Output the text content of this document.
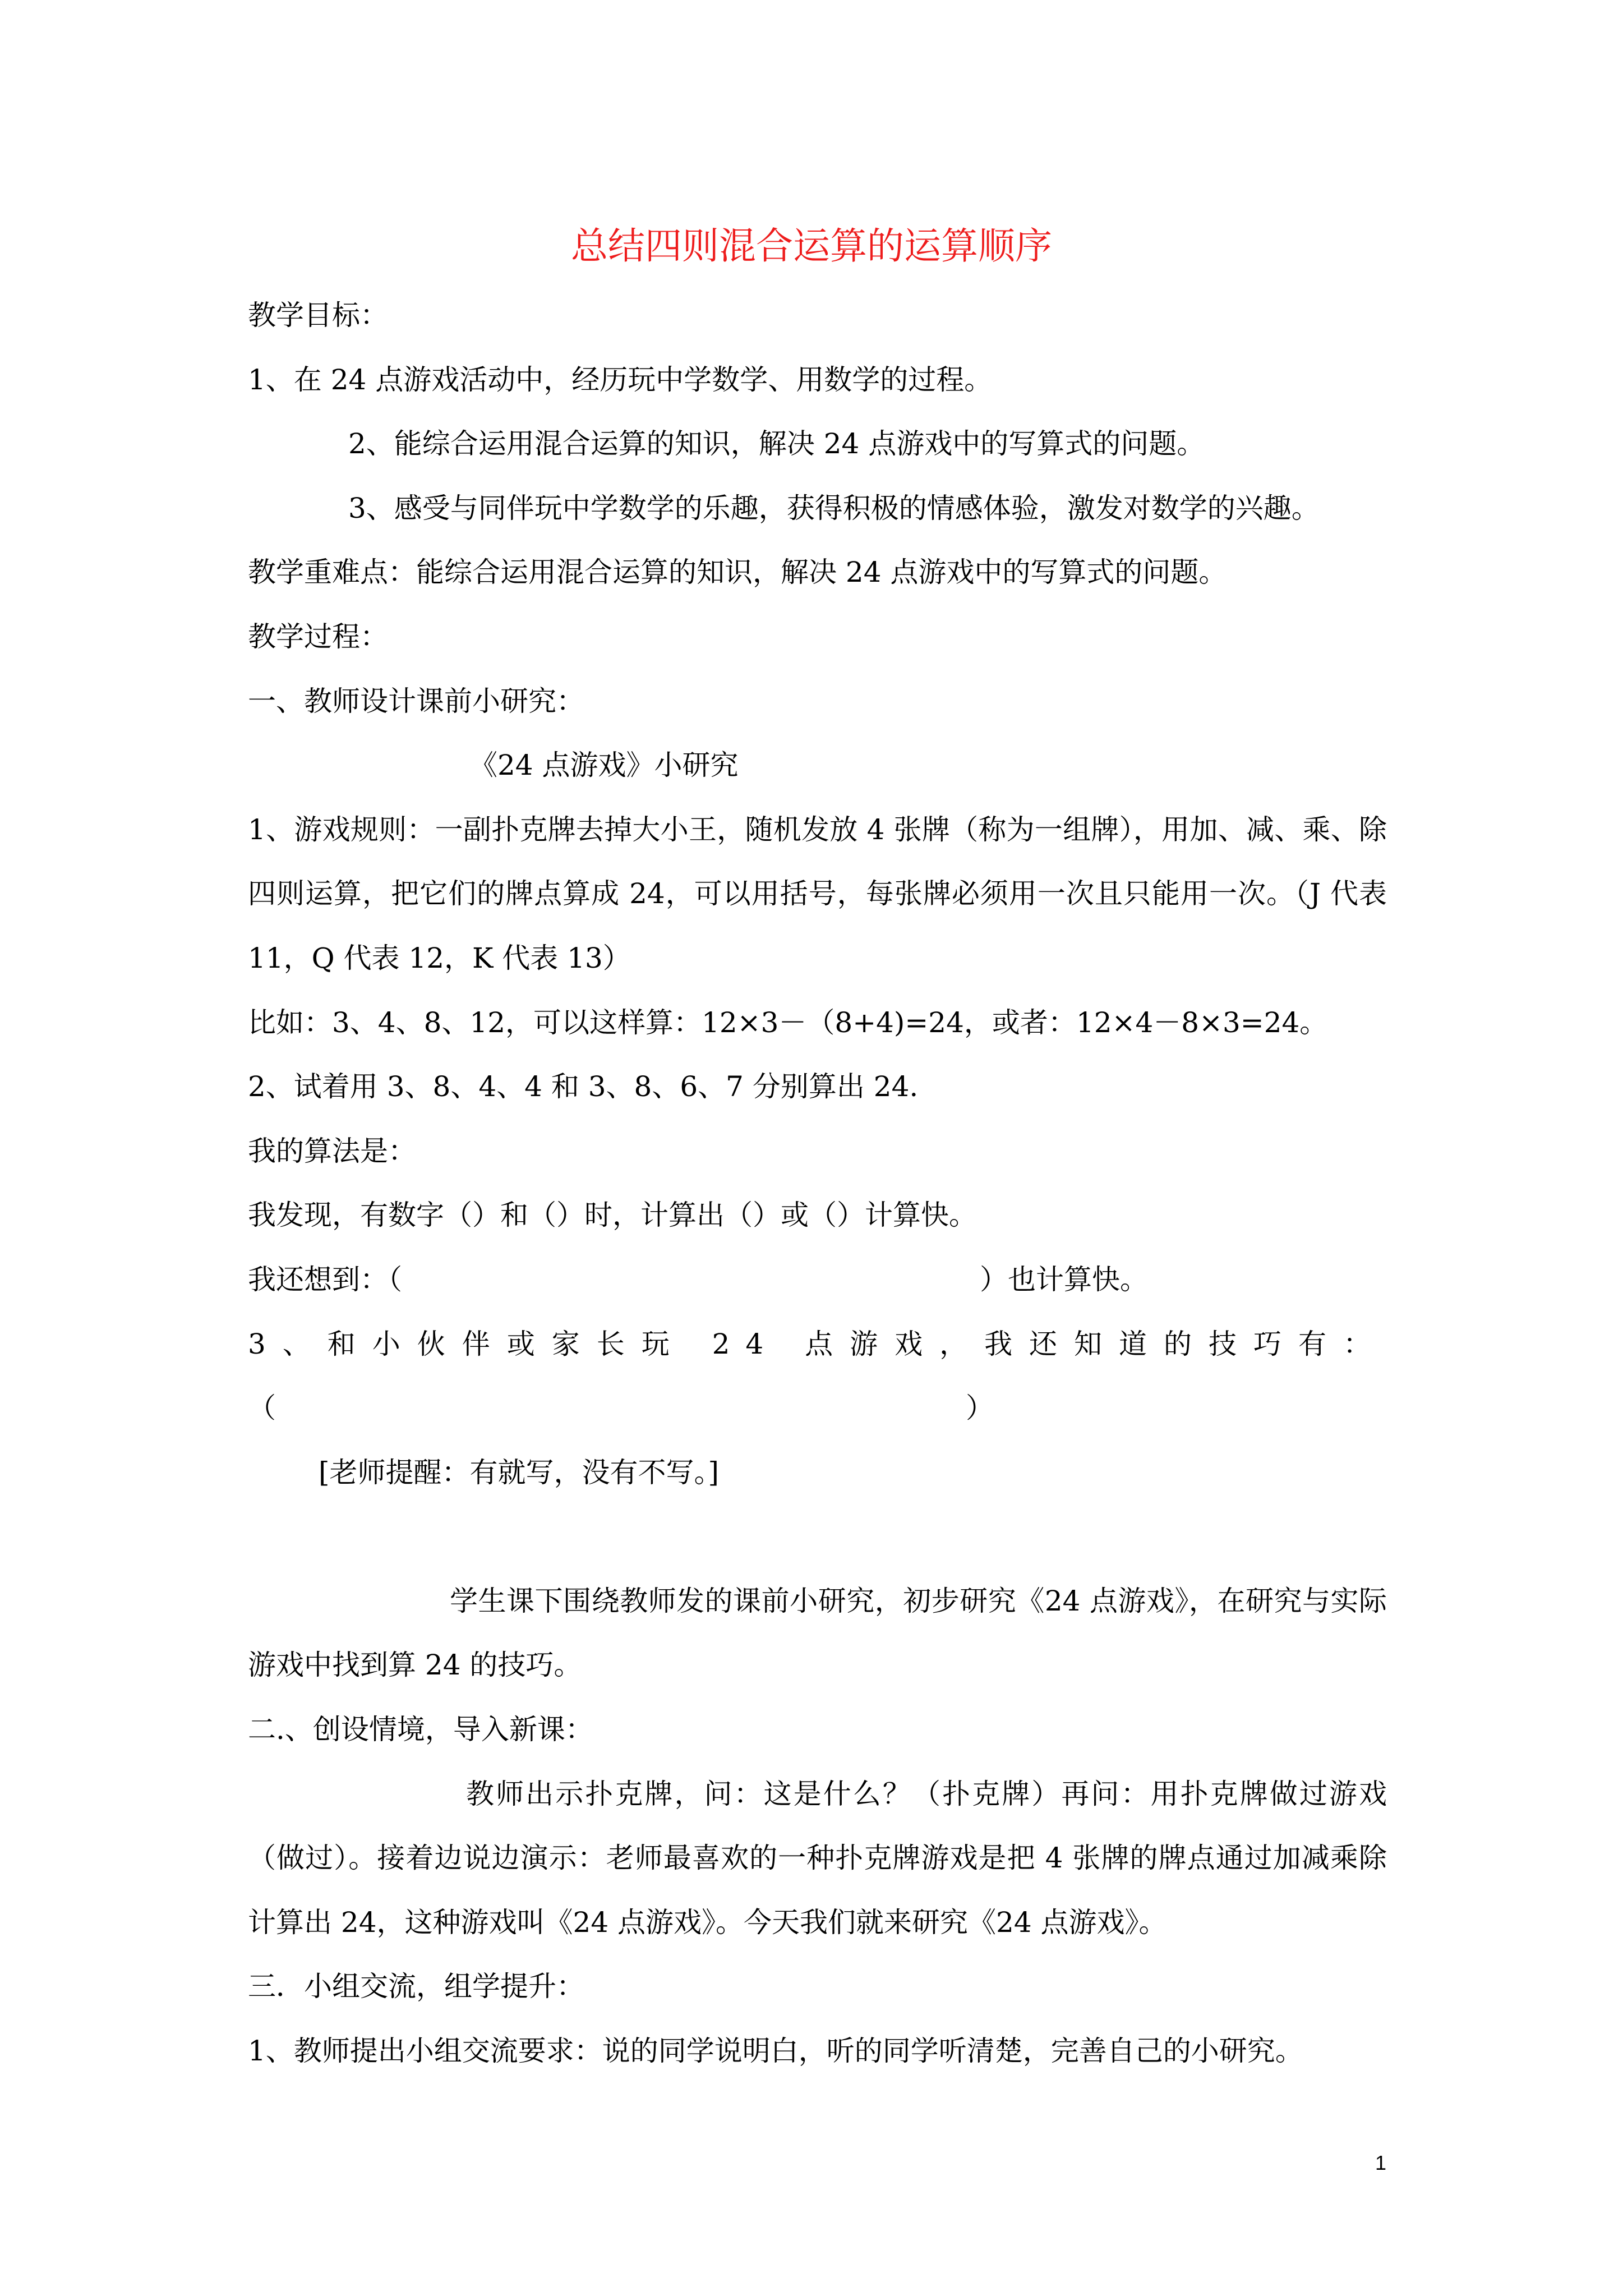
总结四则混合运算的运算顺序
教学目标：
1、在 24 点游戏活动中，经历玩中学数学、用数学的过程。
2、能综合运用混合运算的知识，解决 24 点游戏中的写算式的问题。
3、感受与同伴玩中学数学的乐趣，获得积极的情感体验，激发对数学的兴趣。
教学重难点：能综合运用混合运算的知识，解决 24 点游戏中的写算式的问题。
教学过程：
一、教师设计课前小研究：
《24 点游戏》小研究
1、游戏规则：一副扑克牌去掉大小王，随机发放 4 张牌（称为一组牌），用加、减、乘、除
四则运算，把它们的牌点算成 24，可以用括号，每张牌必须用一次且只能用一次。（J 代表
11，Q 代表 12，K 代表 13）
比如：3、4、8、12，可以这样算：12×3－（8+4)=24，或者：12×4－8×3=24。
2、试着用 3、8、4、4 和 3、8、6、7 分别算出 24.
我的算法是：
我发现，有数字（）和（）时，计算出（）或（）计算快。
我还想到：（	）也计算快。
3、和小伙伴或家长玩 24 点游戏，我还知道的技巧有：
（	）
[老师提醒：有就写，没有不写。]
学生课下围绕教师发的课前小研究，初步研究《24 点游戏》，在研究与实际
游戏中找到算 24 的技巧。
二.、创设情境，导入新课：
教师出示扑克牌，问：这是什么？（扑克牌）再问：用扑克牌做过游戏
（做过）。接着边说边演示：老师最喜欢的一种扑克牌游戏是把 4 张牌的牌点通过加减乘除
计算出 24，这种游戏叫《24 点游戏》。今天我们就来研究《24 点游戏》。
三．小组交流，组学提升：
1、教师提出小组交流要求：说的同学说明白，听的同学听清楚，完善自己的小研究。
1
